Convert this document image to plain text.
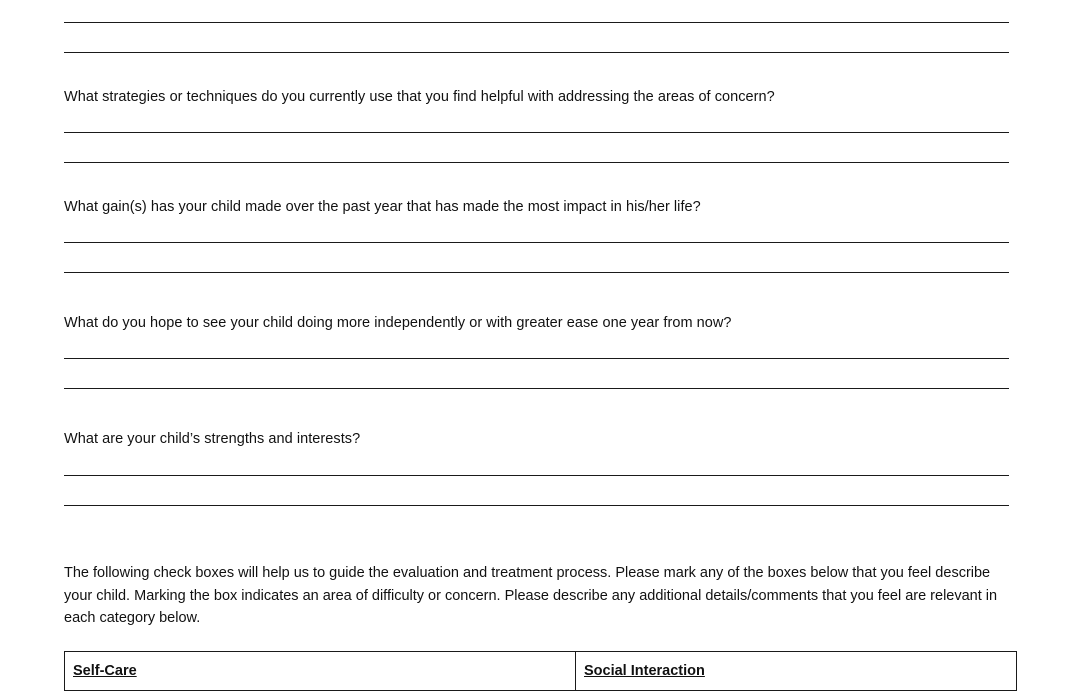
What strategies or techniques do you currently use that you find helpful with addressing the areas of concern?
What gain(s) has your child made over the past year that has made the most impact in his/her life?
What do you hope to see your child doing more independently or with greater ease one year from now?
What are your child’s strengths and interests?
The following check boxes will help us to guide the evaluation and treatment process. Please mark any of the boxes below that you feel describe your child. Marking the box indicates an area of difficulty or concern. Please describe any additional details/comments that you feel are relevant in each category below.
Self-Care	Social Interaction
